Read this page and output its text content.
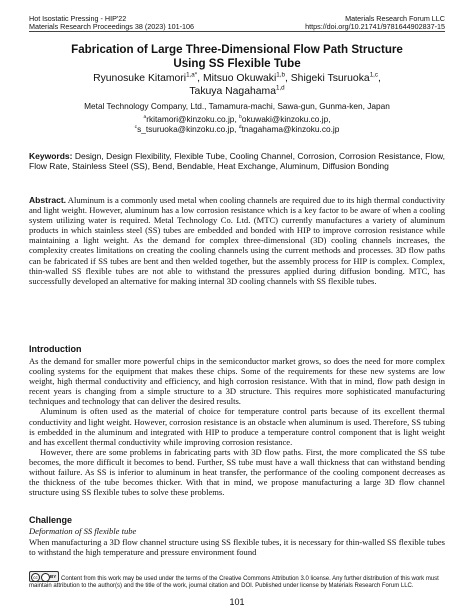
Hot Isostatic Pressing - HIP'22	Materials Research Forum LLC
Materials Research Proceedings 38 (2023) 101-106	https://doi.org/10.21741/9781644902837-15
Fabrication of Large Three-Dimensional Flow Path Structure
Using SS Flexible Tube
Ryunosuke Kitamori$^{1,a*}$, Mitsuo Okuwaki$^{1,b}$, Shigeki Tsuruoka$^{1,c}$,
Takuya Nagahama$^{1,d}$
Metal Technology Company, Ltd., Tamamura-machi, Sawa-gun, Gunma-ken, Japan
$^a$rkitamori@kinzoku.co.jp, $^b$okuwaki@kinzoku.co.jp,
$^c$s_tsuruoka@kinzoku.co.jp, $^d$tnagahama@kinzoku.co.jp
Keywords: Design, Design Flexibility, Flexible Tube, Cooling Channel, Corrosion, Corrosion Resistance, Flow, Flow Rate, Stainless Steel (SS), Bend, Bendable, Heat Exchange, Aluminum, Diffusion Bonding
Abstract. Aluminum is a commonly used metal when cooling channels are required due to its high thermal conductivity and light weight. However, aluminum has a low corrosion resistance which is a key factor to be aware of when a cooling system utilizing water is required. Metal Technology Co. Ltd. (MTC) currently manufactures a variety of aluminum products in which stainless steel (SS) tubes are embedded and bonded with HIP to improve corrosion resistance while maintaining a light weight. As the demand for complex three-dimensional (3D) cooling channels increases, the complexity creates limitations on creating the cooling channels using the current methods and processes. 3D flow paths can be fabricated if SS tubes are bent and then welded together, but the assembly process for HIP is complex. Complex, thin-walled SS flexible tubes are not able to withstand the pressures applied during diffusion bonding. MTC, has successfully developed an alternative for making internal 3D cooling channels with SS flexible tubes.
Introduction

As the demand for smaller more powerful chips in the semiconductor market grows, so does the need for more complex cooling systems for the equipment that makes these chips. Some of the requirements for these new systems are low weight, high thermal conductivity and efficiency, and high corrosion resistance. With that in mind, flow path design in recent years is changing from a simple structure to a 3D structure. This requires more sophisticated manufacturing techniques and technology that can deliver the desired results.

Aluminum is often used as the material of choice for temperature control parts because of its excellent thermal conductivity and light weight. However, corrosion resistance is an obstacle when aluminum is used. Therefore, SS tubing is embedded in the aluminum and integrated with HIP to produce a temperature control component that is light weight and has excellent thermal conductivity while improving corrosion resistance.

However, there are some problems in fabricating parts with 3D flow paths. First, the more complicated the SS tube becomes, the more difficult it becomes to bend. Further, SS tube must have a wall thickness that can withstand bending without failure. As SS is inferior to aluminum in heat transfer, the performance of the cooling component decreases as the thickness of the tube becomes thicker. With that in mind, we propose manufacturing a large 3D flow channel structure using SS flexible tubes to solve these problems.

Challenge
Deformation of SS flexible tube

When manufacturing a 3D flow channel structure using SS flexible tubes, it is necessary for thin-walled SS flexible tubes to withstand the high temperature and pressure environment found

cc	BY Content from this work may be used under the terms of the Creative Commons Attribution 3.0 license. Any further distribution of this work must maintain attribution to the author(s) and the title of the work, journal citation and DOI. Published under license by Materials Research Forum LLC.
101
